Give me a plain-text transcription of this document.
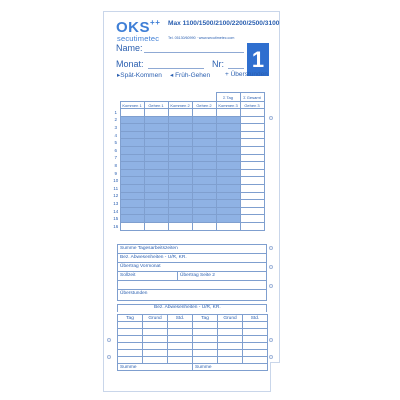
OKS++
secutimetec
Max 1100/1500/2100/2200/2500/3100
Tel. 05130/60990 · www.secutimetec.com
Name:
Monat:	Nr: 1
▸Spät-Kommen ◂ Früh-Gehen + Überstunden
					Σ Tag	Σ Gesamt
	Kommen 1	Gehen 1	Kommen 2	Gehen 2	Kommen 3	Gehen 3
1						
2						
3						
4						
5						
6						
7						
8						
9						
10						
11						
12						
13						
14						
15						
16						
Summe Tagesarbeitszeiten
Bez. Abwesenheiten - U/R, KR.
Übertrag Vormonat
Sollzeit	Übertrag Seite 2
Überstunden
Bez. Abwesenheiten - U/R, KR.
Tag	Grund	Std.	Tag	Grund	Std.

Summe			Summe		
